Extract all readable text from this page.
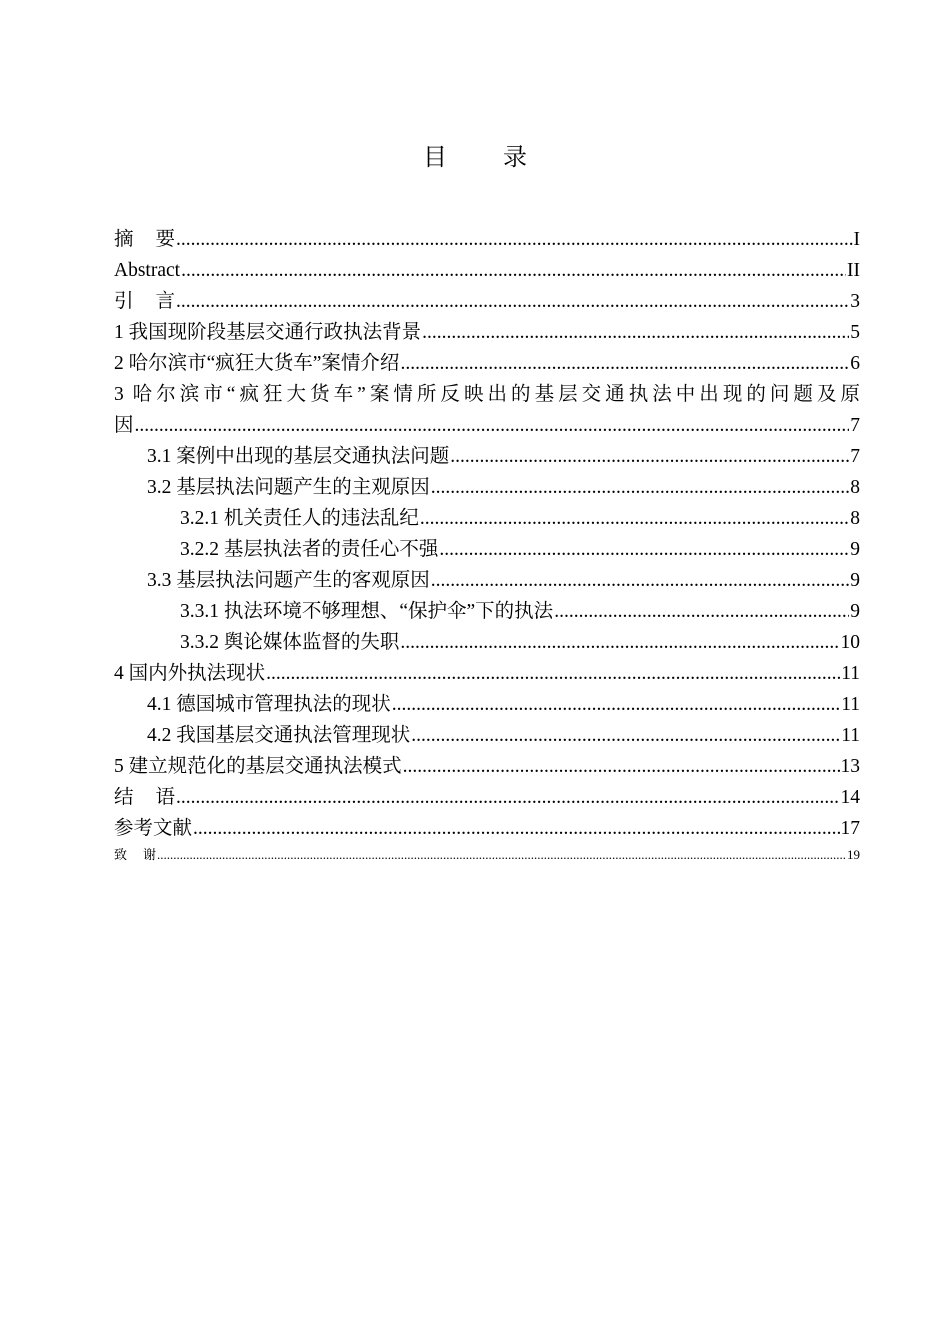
目 录
摘 要 .....	I
Abstract .....	II
引 言 .....	3
1 我国现阶段基层交通行政执法背景 .....	5
2 哈尔滨市“疯狂大货车”案情介绍 .....	6
3 哈尔滨市“疯狂大货车”案情所反映出的基层交通执法中出现的问题及原
因 .....	7
3.1 案例中出现的基层交通执法问题 .....	7
3.2 基层执法问题产生的主观原因 .....	8
3.2.1 机关责任人的违法乱纪 .....	8
3.2.2 基层执法者的责任心不强 .....	9
3.3 基层执法问题产生的客观原因 .....	9
3.3.1 执法环境不够理想、“保护伞”下的执法 .....	9
3.3.2 舆论媒体监督的失职 .....	10
4 国内外执法现状 .....	11
4.1 德国城市管理执法的现状 .....	11
4.2 我国基层交通执法管理现状 .....	11
5 建立规范化的基层交通执法模式 .....	13
结 语 .....	14
参考文献 .....	17
致 谢 .....	19
